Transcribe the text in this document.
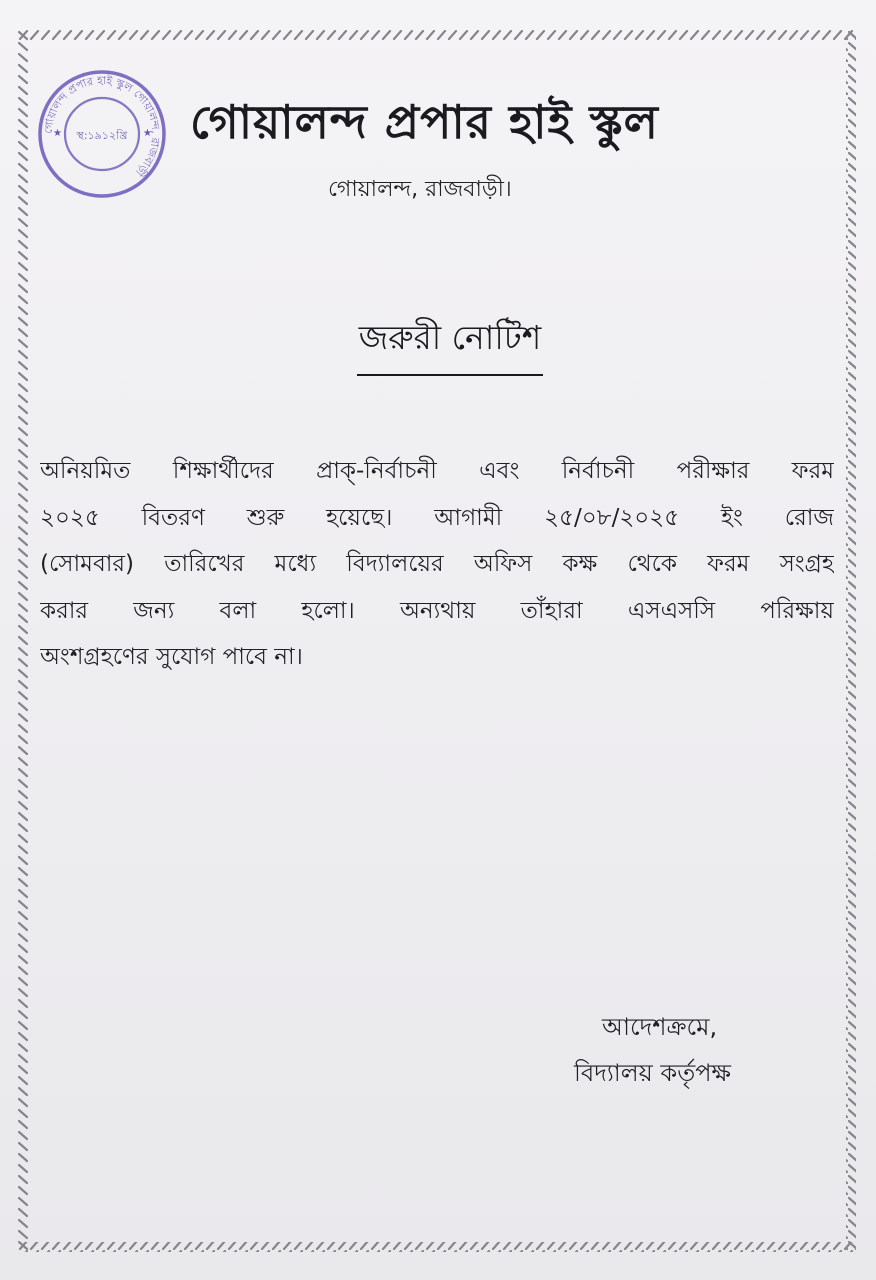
গোয়ালন্দ প্রপার হাই স্কুল গোয়ালন্দ, রাজবাড়ী
স্থ:১৯১২খ্রি ★
★	গোয়ালন্দ প্রপার হাই স্কুল
গোয়ালন্দ, রাজবাড়ী।
জরুরী নোটিশ
অনিয়মিত শিক্ষার্থীদের প্রাক্-নির্বাচনী এবং নির্বাচনী পরীক্ষার ফরম
২০২৫ বিতরণ শুরু হয়েছে। আগামী ২৫/০৮/২০২৫ ইং রোজ
(সোমবার) তারিখের মধ্যে বিদ্যালয়ের অফিস কক্ষ থেকে ফরম সংগ্রহ
করার জন্য বলা হলো। অন্যথায় তাঁহারা এসএসসি পরিক্ষায়
অংশগ্রহণের সুযোগ পাবে না।
আদেশক্রমে,
বিদ্যালয় কর্তৃপক্ষ
